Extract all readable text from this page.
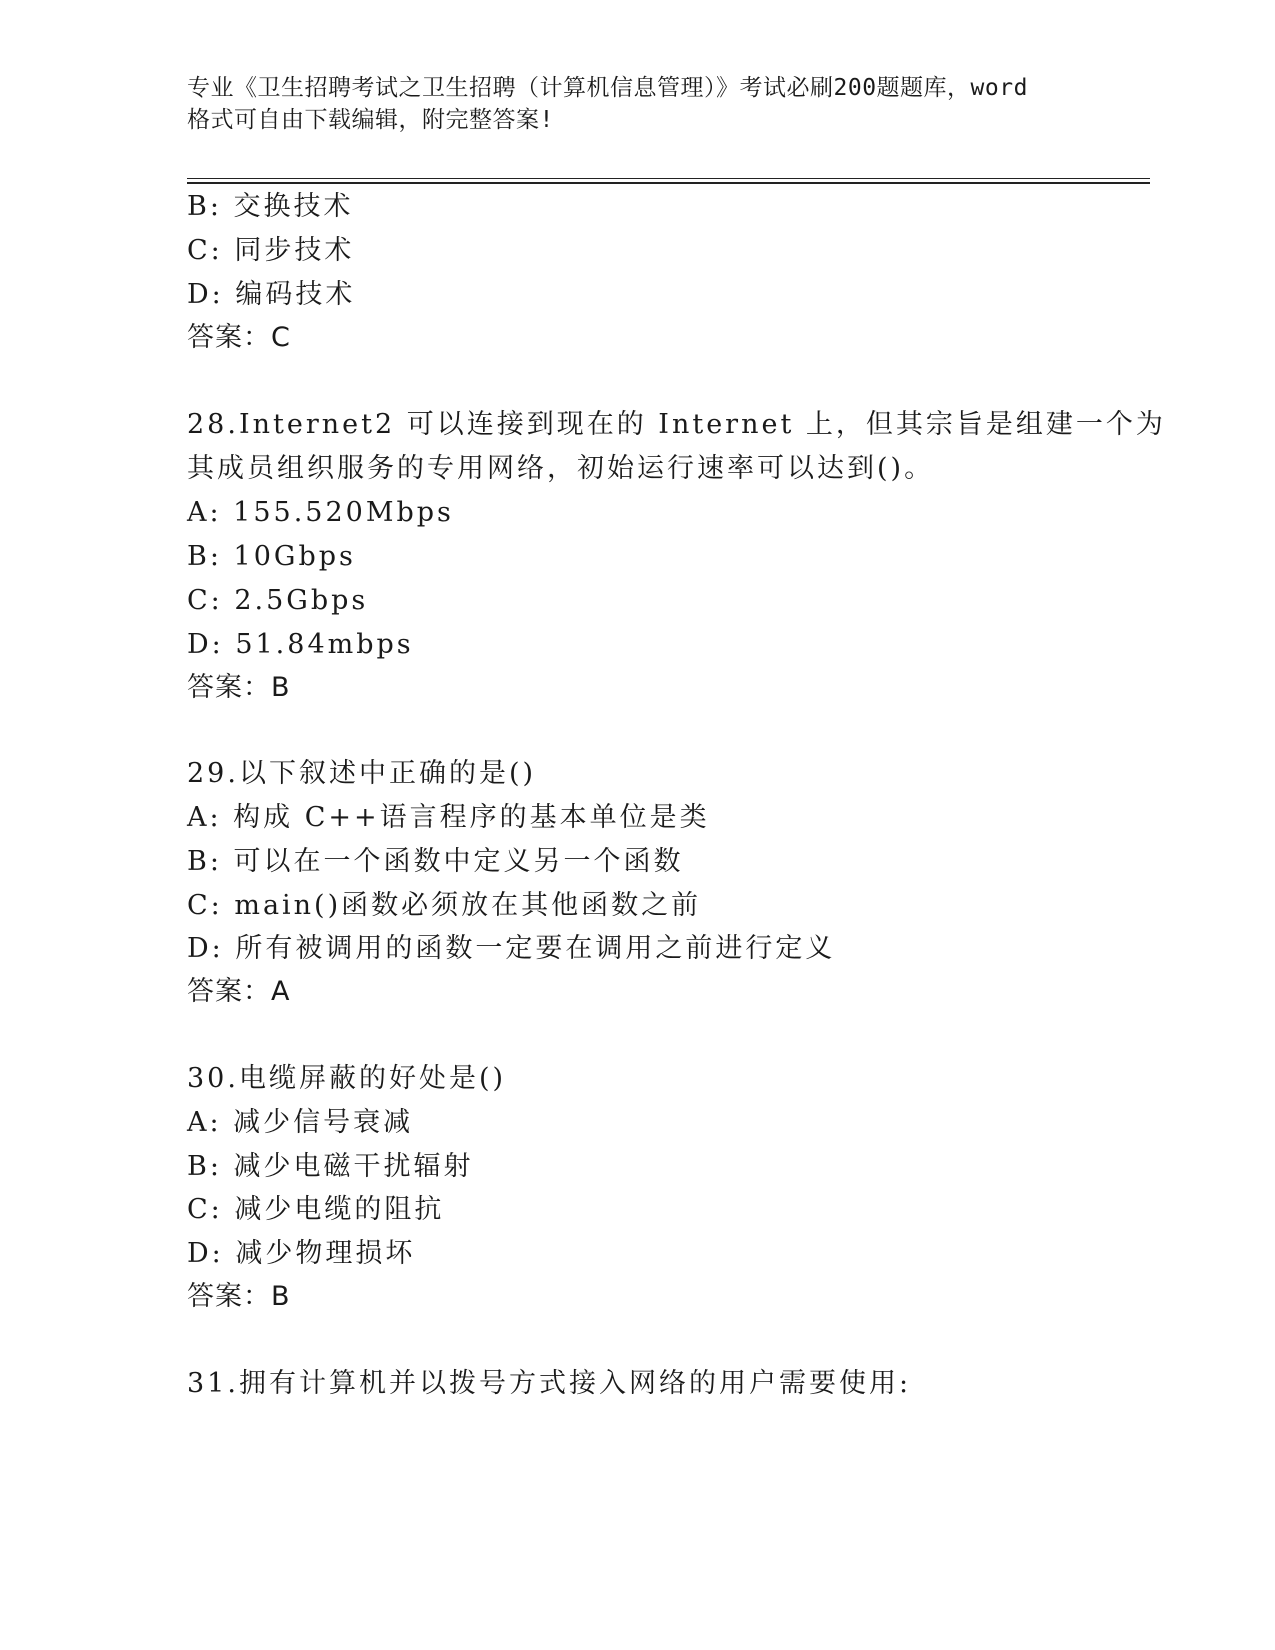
专业《卫生招聘考试之卫生招聘（计算机信息管理）》考试必刷200题题库，word
格式可自由下载编辑，附完整答案!
B: 交换技术
C: 同步技术
D: 编码技术
答案：C
28.Internet2 可以连接到现在的 Internet 上，但其宗旨是组建一个为
其成员组织服务的专用网络，初始运行速率可以达到()。
A: 155.520Mbps
B: 10Gbps
C: 2.5Gbps
D: 51.84mbps
答案：B
29.以下叙述中正确的是()
A: 构成 C++语言程序的基本单位是类
B: 可以在一个函数中定义另一个函数
C: main()函数必须放在其他函数之前
D: 所有被调用的函数一定要在调用之前进行定义
答案：A
30.电缆屏蔽的好处是()
A: 减少信号衰减
B: 减少电磁干扰辐射
C: 减少电缆的阻抗
D: 减少物理损坏
答案：B
31.拥有计算机并以拨号方式接入网络的用户需要使用:
